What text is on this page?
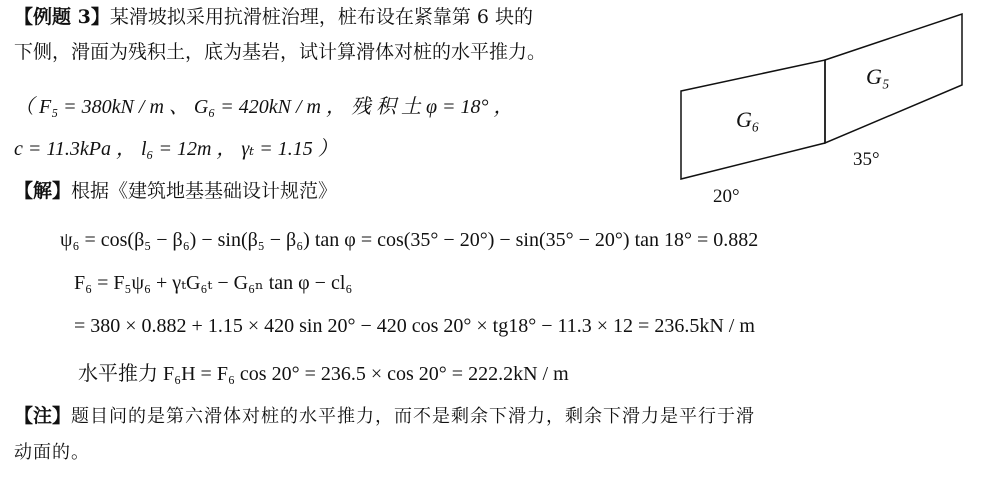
【例题 3】某滑坡拟采用抗滑桩治理，桩布设在紧靠第 6 块的
下侧，滑面为残积土，底为基岩，试计算滑体对桩的水平推力。
（ F₅ = 380kN / m 、 G₆ = 420kN / m ， 残 积 土 φ = 18° ，
c = 11.3kPa ， l₆ = 12m ， γₜ = 1.15 ）
G₆
G₅
35°
20°
【解】根据《建筑地基基础设计规范》
ψ₆ = cos(β₅ − β₆) − sin(β₅ − β₆) tan φ = cos(35° − 20°) − sin(35° − 20°) tan 18° = 0.882
F₆ = F₅ψ₆ + γₜG₆ₜ − G₆ₙ tan φ − cl₆
= 380 × 0.882 + 1.15 × 420 sin 20° − 420 cos 20° × tg18° − 11.3 × 12 = 236.5kN / m
水平推力 F₆H = F₆ cos 20° = 236.5 × cos 20° = 222.2kN / m
【注】题目问的是第六滑体对桩的水平推力，而不是剩余下滑力，剩余下滑力是平行于滑
动面的。
